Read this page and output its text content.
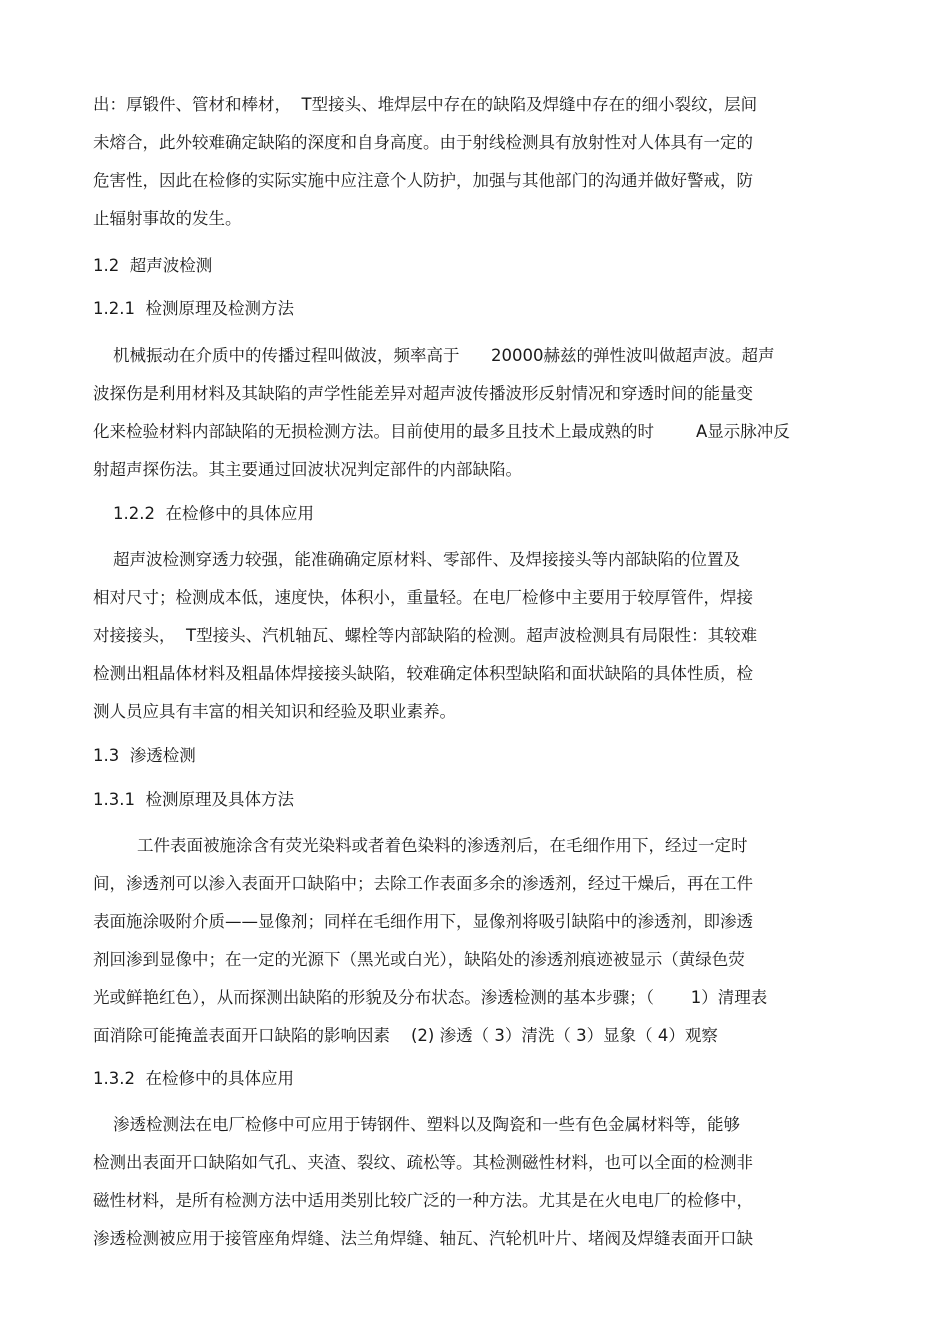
出：厚锻件、管材和棒材，  T型接头、堆焊层中存在的缺陷及焊缝中存在的细小裂纹，层间
未熔合，此外较难确定缺陷的深度和自身高度。由于射线检测具有放射性对人体具有一定的
危害性，因此在检修的实际实施中应注意个人防护，加强与其他部门的沟通并做好警戒，防
止辐射事故的发生。
1.2  超声波检测
1.2.1  检测原理及检测方法
机械振动在介质中的传播过程叫做波，频率高于      20000赫兹的弹性波叫做超声波。超声
波探伤是利用材料及其缺陷的声学性能差异对超声波传播波形反射情况和穿透时间的能量变
化来检验材料内部缺陷的无损检测方法。目前使用的最多且技术上最成熟的时        A显示脉冲反
射超声探伤法。其主要通过回波状况判定部件的内部缺陷。
1.2.2  在检修中的具体应用
超声波检测穿透力较强，能准确确定原材料、零部件、及焊接接头等内部缺陷的位置及
相对尺寸；检测成本低，速度快，体积小，重量轻。在电厂检修中主要用于较厚管件，焊接
对接接头，  T型接头、汽机轴瓦、螺栓等内部缺陷的检测。超声波检测具有局限性：其较难
检测出粗晶体材料及粗晶体焊接接头缺陷，较难确定体积型缺陷和面状缺陷的具体性质，检
测人员应具有丰富的相关知识和经验及职业素养。
1.3  渗透检测
1.3.1  检测原理及具体方法
工件表面被施涂含有荧光染料或者着色染料的渗透剂后，在毛细作用下，经过一定时
间，渗透剂可以渗入表面开口缺陷中；去除工作表面多余的渗透剂，经过干燥后，再在工件
表面施涂吸附介质——显像剂；同样在毛细作用下，显像剂将吸引缺陷中的渗透剂，即渗透
剂回渗到显像中；在一定的光源下（黑光或白光），缺陷处的渗透剂痕迹被显示（黄绿色荧
光或鲜艳红色），从而探测出缺陷的形貌及分布状态。渗透检测的基本步骤；（       1）清理表
面消除可能掩盖表面开口缺陷的影响因素    (2) 渗透（ 3）清洗（ 3）显象（ 4）观察
1.3.2  在检修中的具体应用
渗透检测法在电厂检修中可应用于铸钢件、塑料以及陶瓷和一些有色金属材料等，能够
检测出表面开口缺陷如气孔、夹渣、裂纹、疏松等。其检测磁性材料，也可以全面的检测非
磁性材料，是所有检测方法中适用类别比较广泛的一种方法。尤其是在火电电厂的检修中，
渗透检测被应用于接管座角焊缝、法兰角焊缝、轴瓦、汽轮机叶片、堵阀及焊缝表面开口缺
